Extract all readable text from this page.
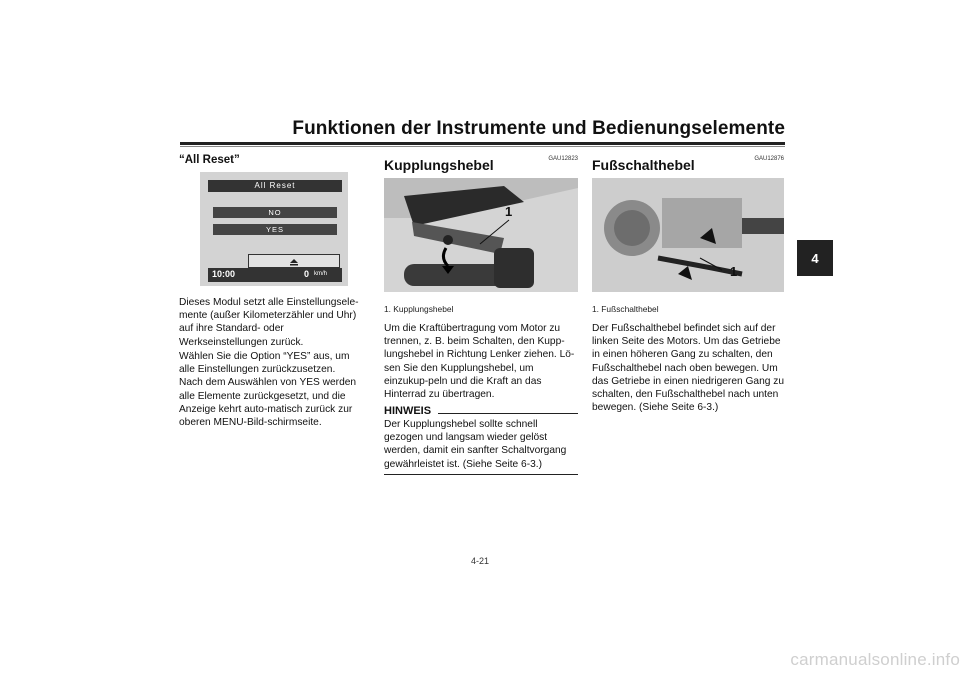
Funktionen der Instrumente und Bedienungselemente
4
“All Reset”
All Reset
NO
YES
10:00	0 km/h
Dieses Modul setzt alle Einstellungsele-mente (außer Kilometerzähler und Uhr) auf ihre Standard- oder Werkseinstellungen zurück.
Wählen Sie die Option “YES” aus, um alle Einstellungen zurückzusetzen. Nach dem Auswählen von YES werden alle Elemente zurückgesetzt, und die Anzeige kehrt auto-matisch zurück zur oberen MENU-Bild-schirmseite.
GAU12823
Kupplungshebel
1
1. Kupplungshebel
Um die Kraftübertragung vom Motor zu trennen, z. B. beim Schalten, den Kupp-lungshebel in Richtung Lenker ziehen. Lö-sen Sie den Kupplungshebel, um einzukup-peln und die Kraft an das Hinterrad zu übertragen.
HINWEIS
Der Kupplungshebel sollte schnell gezogen und langsam wieder gelöst werden, damit ein sanfter Schaltvorgang gewährleistet ist. (Siehe Seite 6-3.)
GAU12876
Fußschalthebel
1
1. Fußschalthebel
Der Fußschalthebel befindet sich auf der linken Seite des Motors. Um das Getriebe in einen höheren Gang zu schalten, den Fußschalthebel nach oben bewegen. Um das Getriebe in einen niedrigeren Gang zu schalten, den Fußschalthebel nach unten bewegen. (Siehe Seite 6-3.)
4-21
carmanualsonline.info
